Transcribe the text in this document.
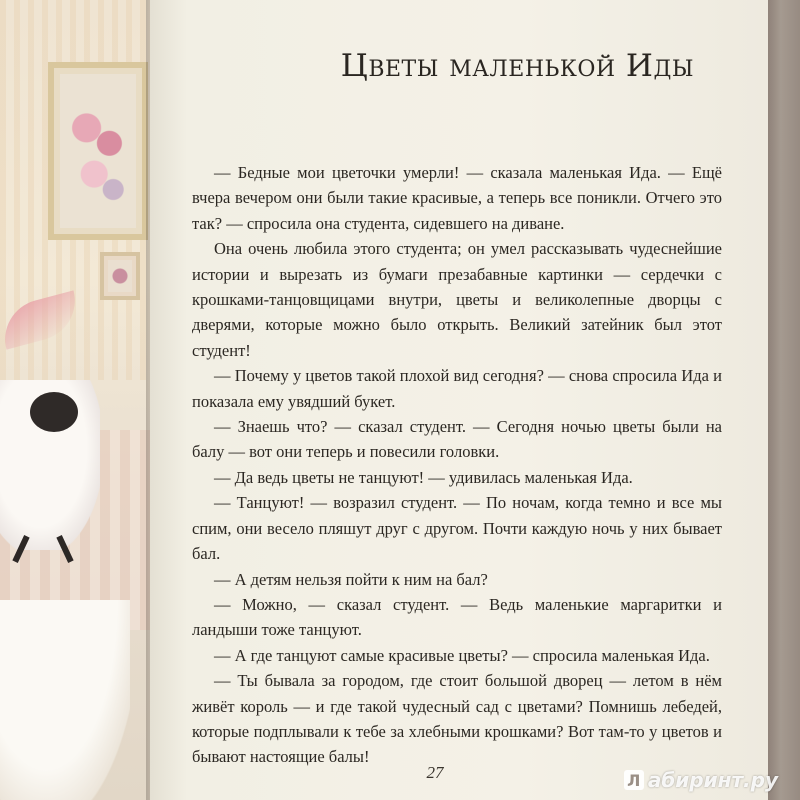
Цветы маленькой Иды

— Бедные мои цветочки умерли! — сказала маленькая Ида. — Ещё вчера вечером они были такие красивые, а теперь все поникли. Отчего это так? — спросила она студента, сидевшего на диване.

Она очень любила этого студента; он умел рассказывать чудеснейшие истории и вырезать из бумаги презабавные картинки — сердечки с крошками-танцовщицами внутри, цветы и великолепные дворцы с дверями, которые можно было открыть. Великий затейник был этот студент!

— Почему у цветов такой плохой вид сегодня? — снова спросила Ида и показала ему увядший букет.

— Знаешь что? — сказал студент. — Сегодня ночью цветы были на балу — вот они теперь и повесили головки.

— Да ведь цветы не танцуют! — удивилась маленькая Ида.

— Танцуют! — возразил студент. — По ночам, когда темно и все мы спим, они весело пляшут друг с другом. Почти каждую ночь у них бывает бал.

— А детям нельзя пойти к ним на бал?

— Можно, — сказал студент. — Ведь маленькие маргаритки и ландыши тоже танцуют.

— А где танцуют самые красивые цветы? — спросила маленькая Ида.

— Ты бывала за городом, где стоит большой дворец — летом в нём живёт король — и где такой чудесный сад с цветами? Помнишь лебедей, которые подплывали к тебе за хлебными крошками? Вот там-то у цветов и бывают настоящие балы!

27	Л абиринт.ру
